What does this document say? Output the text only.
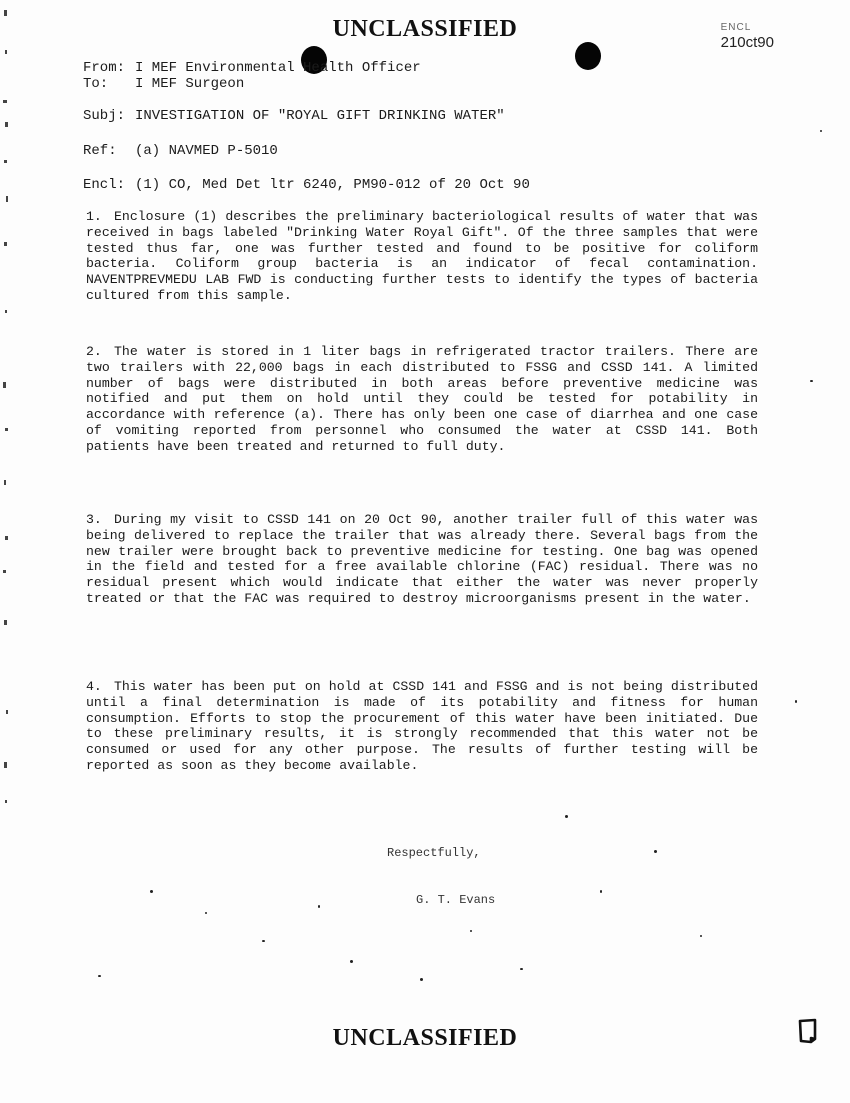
UNCLASSIFIED	ENCL
210ct90
From: I MEF Environmental Health Officer
To: I MEF Surgeon
Subj: INVESTIGATION OF "ROYAL GIFT DRINKING WATER"
Ref: (a) NAVMED P-5010
Encl: (1) CO, Med Det ltr 6240, PM90-012 of 20 Oct 90
1. Enclosure (1) describes the preliminary bacteriological results of water that was received in bags labeled "Drinking Water Royal Gift". Of the three samples that were tested thus far, one was further tested and found to be positive for coliform bacteria. Coliform group bacteria is an indicator of fecal contamination. NAVENTPREVMEDU LAB FWD is conducting further tests to identify the types of bacteria cultured from this sample.
2. The water is stored in 1 liter bags in refrigerated tractor trailers. There are two trailers with 22,000 bags in each distributed to FSSG and CSSD 141. A limited number of bags were distributed in both areas before preventive medicine was notified and put them on hold until they could be tested for potability in accordance with reference (a). There has only been one case of diarrhea and one case of vomiting reported from personnel who consumed the water at CSSD 141. Both patients have been treated and returned to full duty.
3. During my visit to CSSD 141 on 20 Oct 90, another trailer full of this water was being delivered to replace the trailer that was already there. Several bags from the new trailer were brought back to preventive medicine for testing. One bag was opened in the field and tested for a free available chlorine (FAC) residual. There was no residual present which would indicate that either the water was never properly treated or that the FAC was required to destroy microorganisms present in the water.
4. This water has been put on hold at CSSD 141 and FSSG and is not being distributed until a final determination is made of its potability and fitness for human consumption. Efforts to stop the procurement of this water have been initiated. Due to these preliminary results, it is strongly recommended that this water not be consumed or used for any other purpose. The results of further testing will be reported as soon as they become available.
Respectfully,
G. T. Evans
UNCLASSIFIED
